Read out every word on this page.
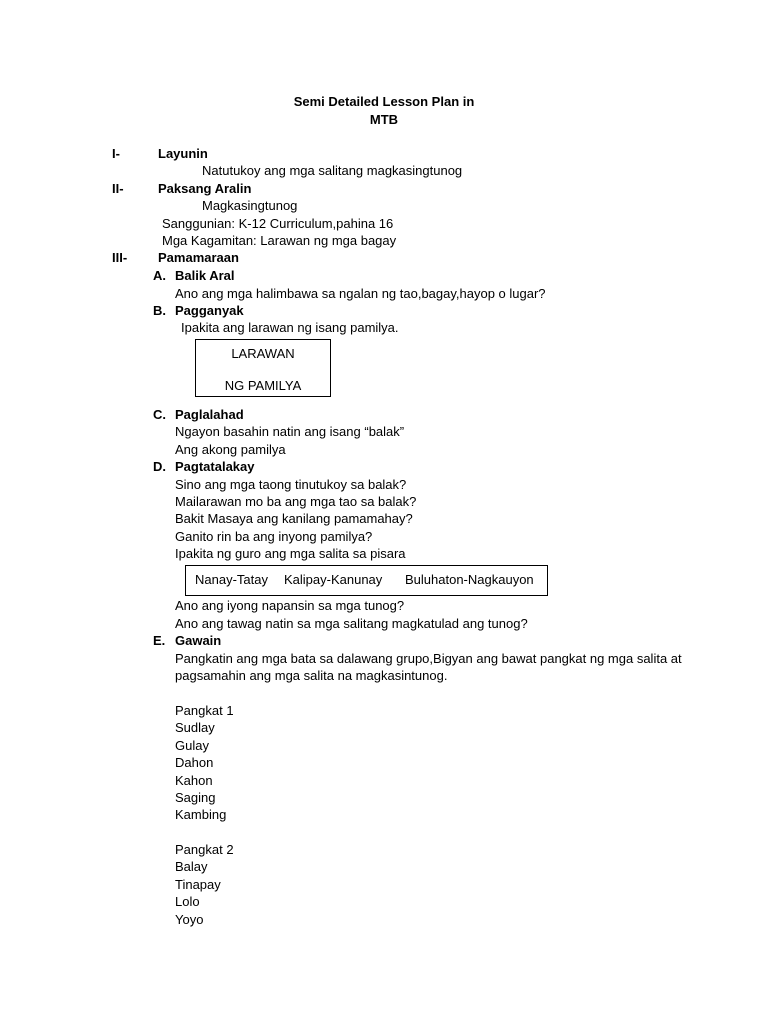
Semi Detailed Lesson Plan in
MTB
I-	Layunin
Natutukoy ang mga salitang magkasingtunog
II-	Paksang Aralin
Magkasingtunog
Sanggunian: K-12 Curriculum,pahina 16
Mga Kagamitan: Larawan ng mga bagay
III- Pamamaraan
A. Balik Aral
Ano ang mga halimbawa sa ngalan ng tao,bagay,hayop o lugar?
B. Pagganyak
Ipakita ang larawan ng isang pamilya.
LARAWAN
NG PAMILYA
C. Paglalahad
Ngayon basahin natin ang isang “balak”
Ang akong pamilya
D. Pagtatalakay
Sino ang mga taong tinutukoy sa balak?
Mailarawan mo ba ang mga tao sa balak?
Bakit Masaya ang kanilang pamamahay?
Ganito rin ba ang inyong pamilya?
Ipakita ng guro ang mga salita sa pisara
Nanay-Tatay Kalipay-Kanunay Buluhaton-Nagkauyon
Ano ang iyong napansin sa mga tunog?
Ano ang tawag natin sa mga salitang magkatulad ang tunog?
E. Gawain
Pangkatin ang mga bata sa dalawang grupo,Bigyan ang bawat pangkat ng mga salita at
pagsamahin ang mga salita na magkasintunog.
Pangkat 1
Sudlay
Gulay
Dahon
Kahon
Saging
Kambing
Pangkat 2
Balay
Tinapay
Lolo
Yoyo
